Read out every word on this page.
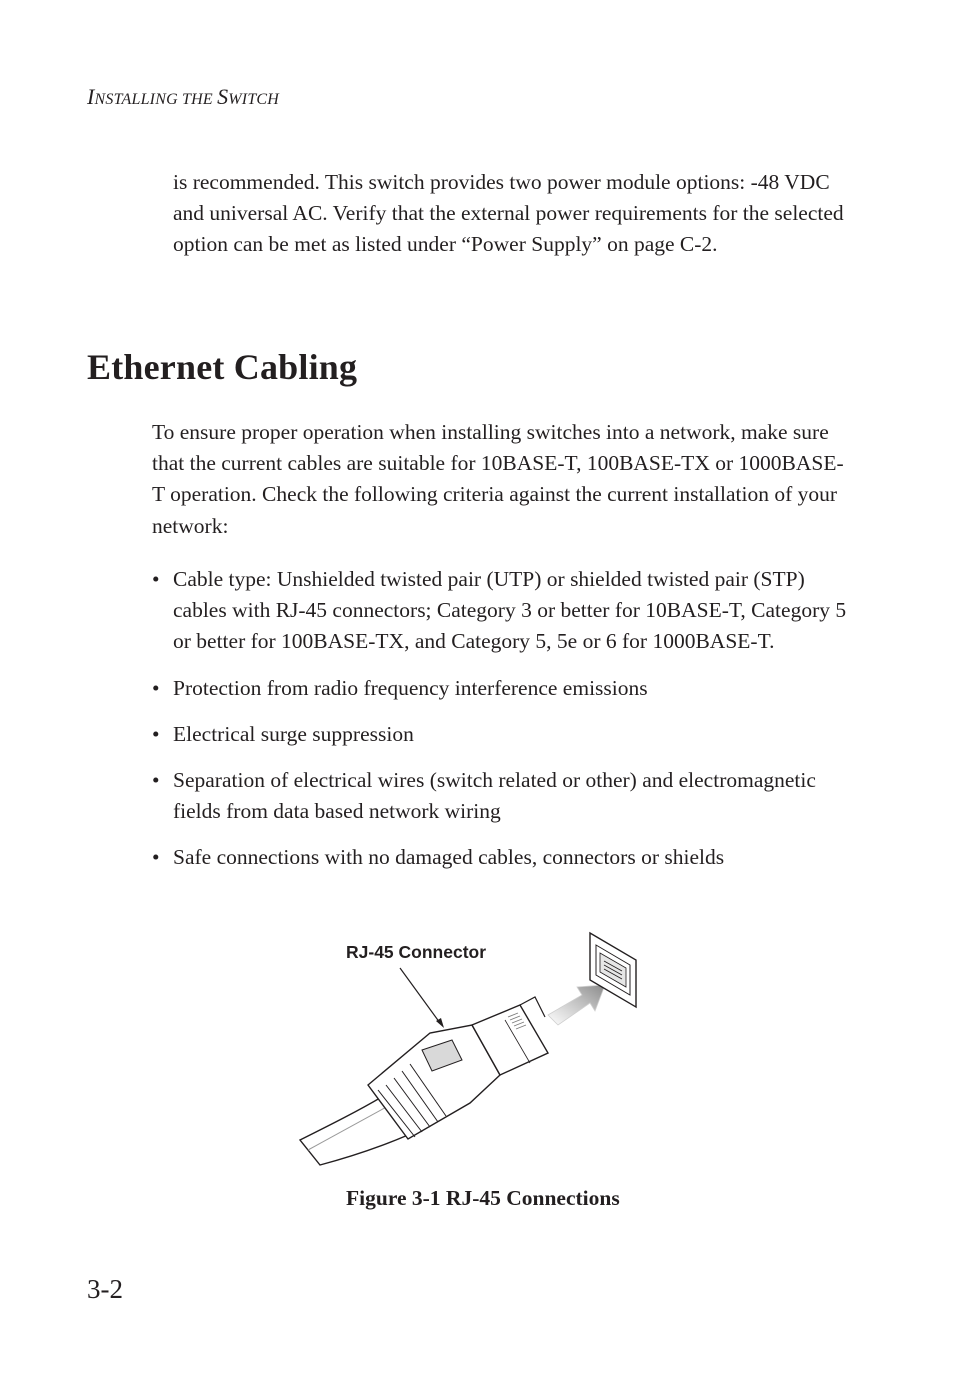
INSTALLING THE SWITCH

is recommended. This switch provides two power module options: -48 VDC and universal AC. Verify that the external power requirements for the selected option can be met as listed under “Power Supply” on page C-2.

Ethernet Cabling

To ensure proper operation when installing switches into a network, make sure that the current cables are suitable for 10BASE-T, 100BASE-TX or 1000BASE-T operation. Check the following criteria against the current installation of your network:

• Cable type: Unshielded twisted pair (UTP) or shielded twisted pair (STP) cables with RJ-45 connectors; Category 3 or better for 10BASE-T, Category 5 or better for 100BASE-TX, and Category 5, 5e or 6 for 1000BASE-T.
• Protection from radio frequency interference emissions
• Electrical surge suppression
• Separation of electrical wires (switch related or other) and electromagnetic fields from data based network wiring
• Safe connections with no damaged cables, connectors or shields
RJ-45 Connector
Figure 3-1 RJ-45 Connections
3-2
